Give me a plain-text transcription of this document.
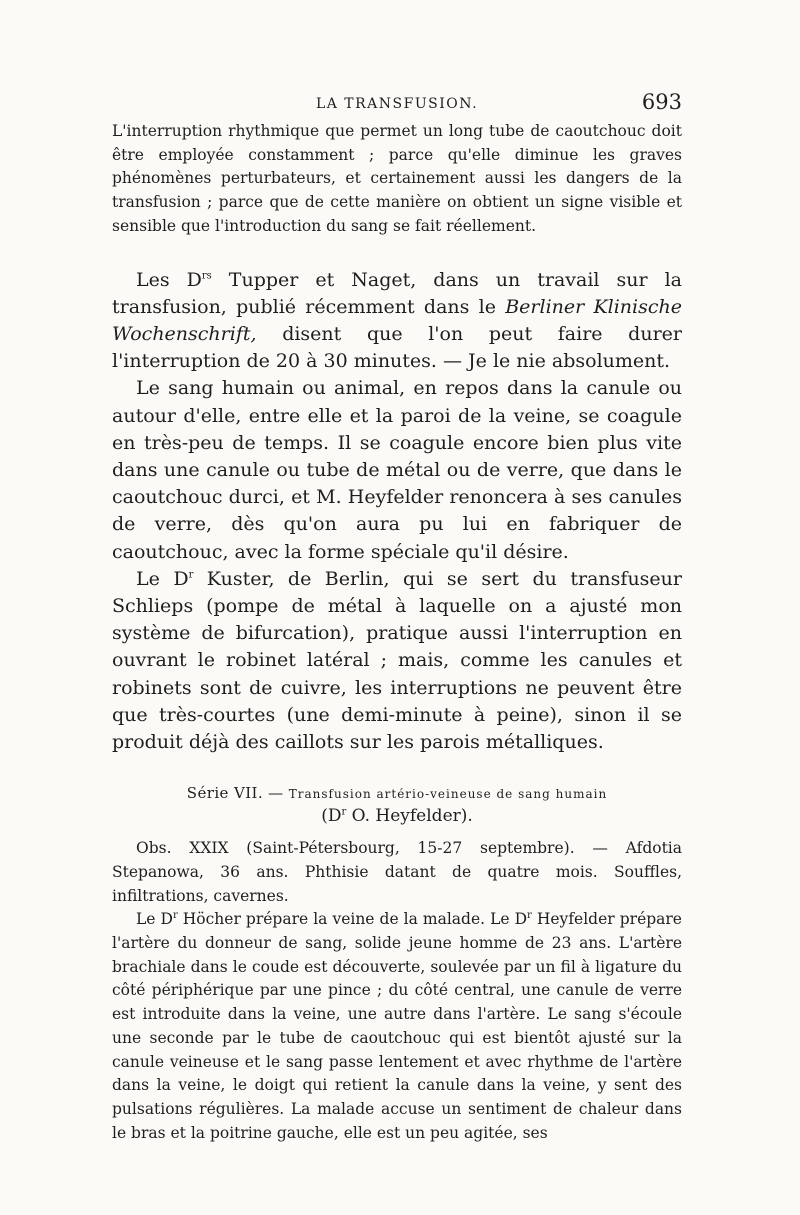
LA TRANSFUSION.	693

L'interruption rhythmique que permet un long tube de caoutchouc doit être employée constamment ; parce qu'elle diminue les graves phénomènes perturbateurs, et certainement aussi les dangers de la transfusion ; parce que de cette manière on obtient un signe visible et sensible que l'introduction du sang se fait réellement.

Les $D^{rs}$ Tupper et Naget, dans un travail sur la transfusion, publié récemment dans le Berliner Klinische Wochenschrift, disent que l'on peut faire durer l'interruption de 20 à 30 minutes. — Je le nie absolument.

Le sang humain ou animal, en repos dans la canule ou autour d'elle, entre elle et la paroi de la veine, se coagule en très-peu de temps. Il se coagule encore bien plus vite dans une canule ou tube de métal ou de verre, que dans le caoutchouc durci, et M. Heyfelder renoncera à ses canules de verre, dès qu'on aura pu lui en fabriquer de caoutchouc, avec la forme spéciale qu'il désire.

Le $D^r$ Kuster, de Berlin, qui se sert du transfuseur Schlieps (pompe de métal à laquelle on a ajusté mon système de bifurcation), pratique aussi l'interruption en ouvrant le robinet latéral ; mais, comme les canules et robinets sont de cuivre, les interruptions ne peuvent être que très-courtes (une demi-minute à peine), sinon il se produit déjà des caillots sur les parois métalliques.

Série VII. — Transfusion artério-veineuse de sang humain
($D^r$ O. Heyfelder).

Obs. XXIX (Saint-Pétersbourg, 15-27 septembre). — Afdotia Stepanowa, 36 ans. Phthisie datant de quatre mois. Souffles, infiltrations, cavernes.

Le $D^r$ Höcher prépare la veine de la malade. Le $D^r$ Heyfelder prépare l'artère du donneur de sang, solide jeune homme de 23 ans. L'artère brachiale dans le coude est découverte, soulevée par un fil à ligature du côté périphérique par une pince ; du côté central, une canule de verre est introduite dans la veine, une autre dans l'artère. Le sang s'écoule une seconde par le tube de caoutchouc qui est bientôt ajusté sur la canule veineuse et le sang passe lentement et avec rhythme de l'artère dans la veine, le doigt qui retient la canule dans la veine, y sent des pulsations régulières. La malade accuse un sentiment de chaleur dans le bras et la poitrine gauche, elle est un peu agitée, ses
